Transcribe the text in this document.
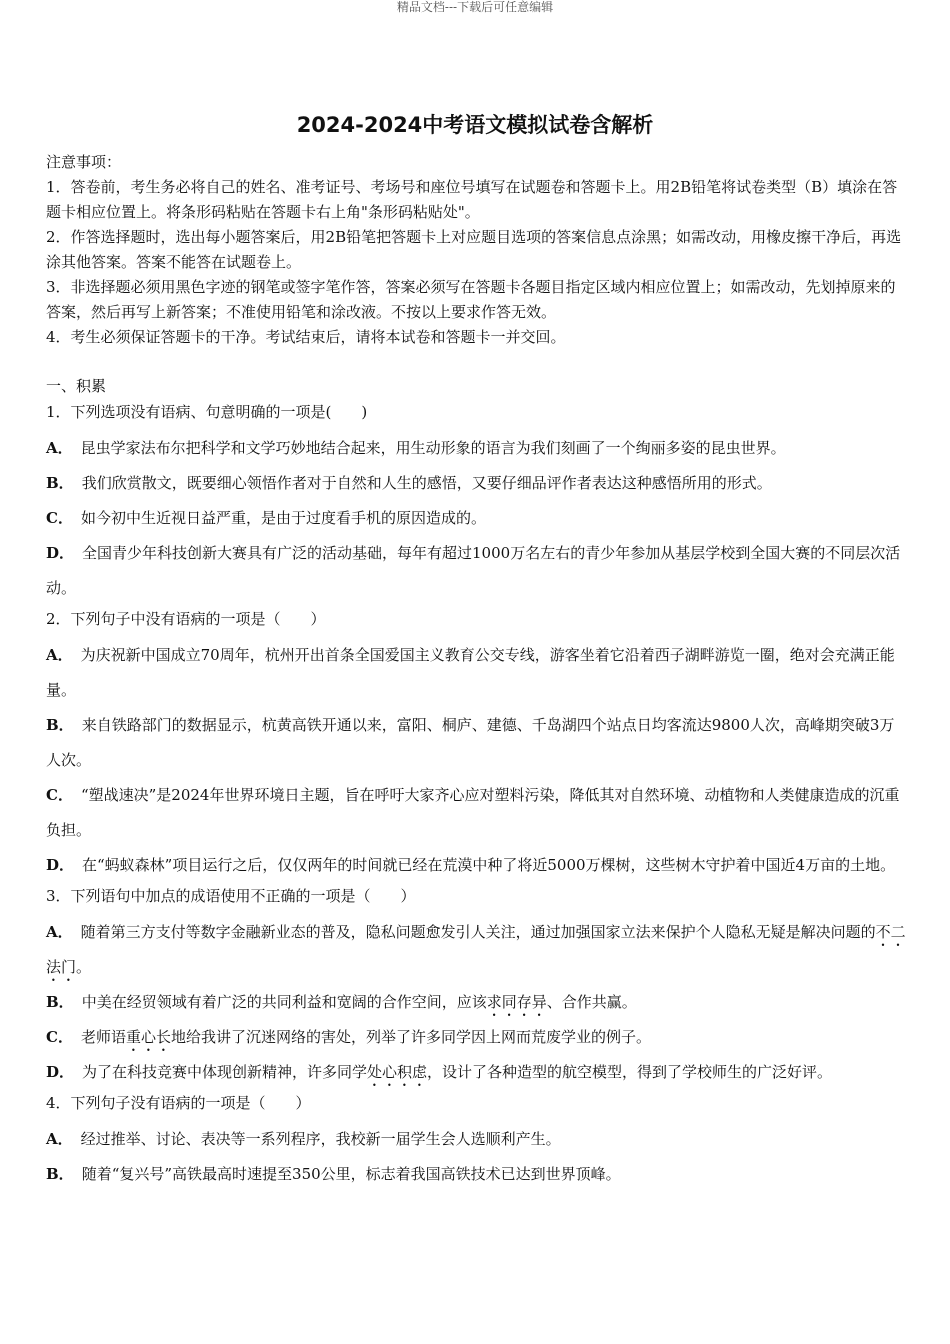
精品文档---下载后可任意编辑
2024-2024中考语文模拟试卷含解析

注意事项：

1．答卷前，考生务必将自己的姓名、准考证号、考场号和座位号填写在试题卷和答题卡上。用2B铅笔将试卷类型（B）填涂在答题卡相应位置上。将条形码粘贴在答题卡右上角"条形码粘贴处"。

2．作答选择题时，选出每小题答案后，用2B铅笔把答题卡上对应题目选项的答案信息点涂黑；如需改动，用橡皮擦干净后，再选涂其他答案。答案不能答在试题卷上。

3．非选择题必须用黑色字迹的钢笔或签字笔作答，答案必须写在答题卡各题目指定区域内相应位置上；如需改动，先划掉原来的答案，然后再写上新答案；不准使用铅笔和涂改液。不按以上要求作答无效。

4．考生必须保证答题卡的干净。考试结束后，请将本试卷和答题卡一并交回。

一、积累

1．下列选项没有语病、句意明确的一项是(　　)

A． 昆虫学家法布尔把科学和文学巧妙地结合起来，用生动形象的语言为我们刻画了一个绚丽多姿的昆虫世界。

B． 我们欣赏散文，既要细心领悟作者对于自然和人生的感悟，又要仔细品评作者表达这种感悟所用的形式。

C． 如今初中生近视日益严重，是由于过度看手机的原因造成的。

D． 全国青少年科技创新大赛具有广泛的活动基础，每年有超过1000万名左右的青少年参加从基层学校到全国大赛的不同层次活动。

2．下列句子中没有语病的一项是（　　）

A． 为庆祝新中国成立70周年，杭州开出首条全国爱国主义教育公交专线，游客坐着它沿着西子湖畔游览一圈，绝对会充满正能量。

B． 来自铁路部门的数据显示，杭黄高铁开通以来，富阳、桐庐、建德、千岛湖四个站点日均客流达9800人次，高峰期突破3万人次。

C． “塑战速决”是2024年世界环境日主题，旨在呼吁大家齐心应对塑料污染，降低其对自然环境、动植物和人类健康造成的沉重负担。

D． 在“蚂蚁森林”项目运行之后，仅仅两年的时间就已经在荒漠中种了将近5000万棵树，这些树木守护着中国近4万亩的土地。

3．下列语句中加点的成语使用不正确的一项是（　　）

A． 随着第三方支付等数字金融新业态的普及，隐私问题愈发引人关注，通过加强国家立法来保护个人隐私无疑是解决问题的不二法门。

B． 中美在经贸领域有着广泛的共同利益和宽阔的合作空间，应该求同存异、合作共赢。

C． 老师语重心长地给我讲了沉迷网络的害处，列举了许多同学因上网而荒废学业的例子。

D． 为了在科技竞赛中体现创新精神，许多同学处心积虑，设计了各种造型的航空模型，得到了学校师生的广泛好评。

4．下列句子没有语病的一项是（　　）

A． 经过推举、讨论、表决等一系列程序，我校新一届学生会人选顺利产生。

B． 随着“复兴号”高铁最高时速提至350公里，标志着我国高铁技术已达到世界顶峰。
